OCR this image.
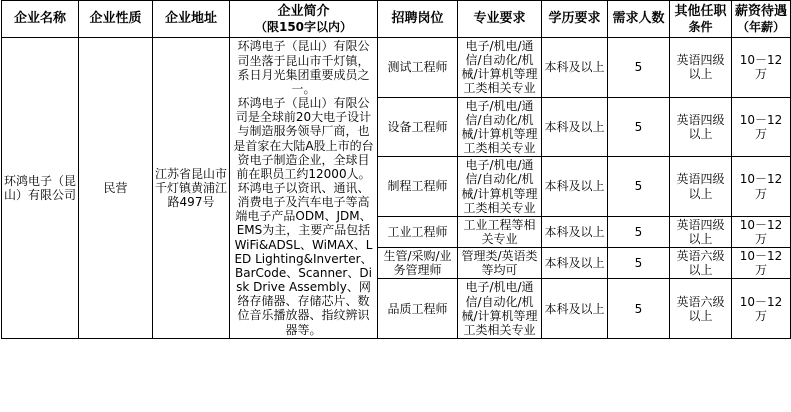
企业名称	企业性质	企业地址	企业简介
（限150字以内）	招聘岗位	专业要求	学历要求	需求人数	其他任职
条件	薪资待遇
（年薪）

环鸿电子（昆山）有限公司	民营	江苏省昆山市千灯镇黄浦江路497号	环鸿电子（昆山）有限公司坐落于昆山市千灯镇，系日月光集团重要成员之一。
环鸿电子（昆山）有限公司是全球前20大电子设计与制造服务领导厂商，也是首家在大陆A股上市的台资电子制造企业，全球目前在职员工约12000人。
环鸿电子以资讯、通讯、消费电子及汽车电子等高端电子产品ODM、JDM、EMS为主，主要产品包括WiFi&ADSL、WiMAX、LED Lighting&Inverter、BarCode、Scanner、Disk Drive Assembly、网络存储器、存储芯片、数位音乐播放器、指纹辨识器等。	测试工程师	电子/机电/通信/自动化/机械/计算机等理工类相关专业	本科及以上	5	英语四级以上	10－12万
				设备工程师	电子/机电/通信/自动化/机械/计算机等理工类相关专业	本科及以上	5	英语四级以上	10－12万
				制程工程师	电子/机电/通信/自动化/机械/计算机等理工类相关专业	本科及以上	5	英语四级以上	10－12万
				工业工程师	工业工程等相关专业	本科及以上	5	英语四级以上	10－12万
				生管/采购/业务管理师	管理类/英语类等均可	本科及以上	5	英语六级以上	10－12万
				品质工程师	电子/机电/通信/自动化/机械/计算机等理工类相关专业	本科及以上	5	英语六级以上	10－12万
